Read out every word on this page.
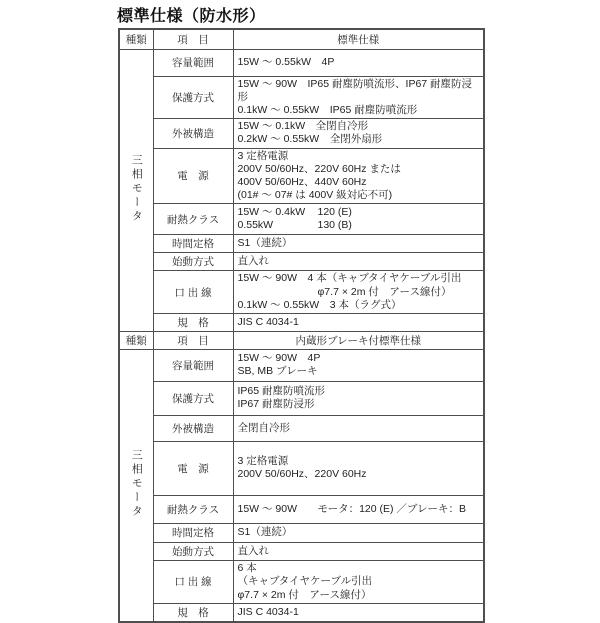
標準仕様（防水形）
種類	項　目	標準仕様
三相モータ	容量範囲	15W ～ 0.55kW　4P

	保護方式	15W ～ 90W　IP65 耐塵防噴流形、IP67 耐塵防浸形
0.1kW ～ 0.55kW　IP65 耐塵防噴流形

	外被構造	15W ～ 0.1kW　全閉自冷形
0.2kW ～ 0.55kW　全閉外扇形

	電　源	3 定格電源
200V 50/60Hz、220V 60Hz または
400V 50/60Hz、440V 60Hz
(01# ～ 07# は 400V 級対応不可)

	耐熱クラス	15W ～ 0.4kW 120 (E)
0.55kW 130 (B)

	時間定格	S1（連続）

	始動方式	直入れ

	口 出 線	15W ～ 90W　4 本（キャブタイヤケーブル引出
φ7.7 × 2m 付　アース線付）
0.1kW ～ 0.55kW　3 本（ラグ式）

	規　格	JIS C 4034-1

種類	項　目	内蔵形ブレーキ付標準仕様
三相モータ	容量範囲	15W ～ 90W　4P
SB, MB ブレーキ

	保護方式	IP65 耐塵防噴流形
IP67 耐塵防浸形

	外被構造	全閉自冷形

	電　源	3 定格電源
200V 50/60Hz、220V 60Hz

	耐熱クラス	15W ～ 90W モータ：120 (E) ／ブレーキ：B

	時間定格	S1（連続）

	始動方式	直入れ

	口 出 線	6 本
（キャブタイヤケーブル引出
φ7.7 × 2m 付　アース線付）

	規　格	JIS C 4034-1
